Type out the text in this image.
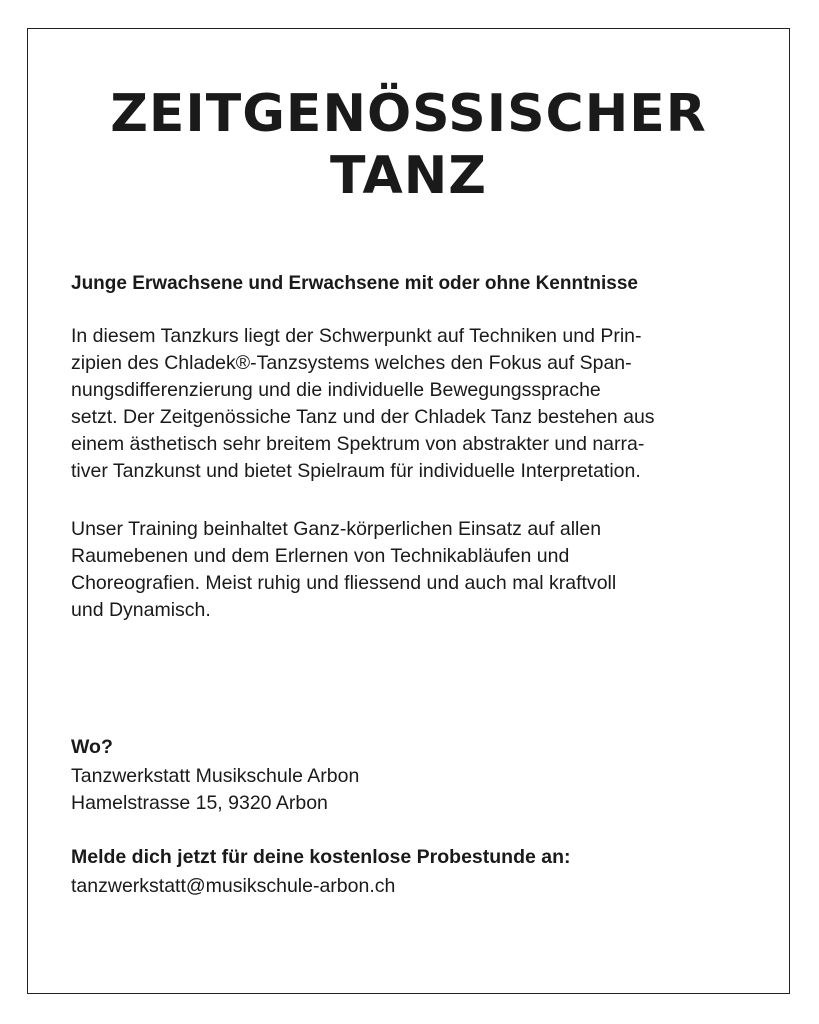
ZEITGENÖSSISCHER
TANZ

Junge Erwachsene und Erwachsene mit oder ohne Kenntnisse

In diesem Tanzkurs liegt der Schwerpunkt auf Techniken und Prin-

zipien des Chladek®-Tanzsystems welches den Fokus auf Span-

nungsdifferenzierung und die individuelle Bewegungssprache

setzt. Der Zeitgenössiche Tanz und der Chladek Tanz bestehen aus

einem ästhetisch sehr breitem Spektrum von abstrakter und narra-

tiver Tanzkunst und bietet Spielraum für individuelle Interpretation.

Unser Training beinhaltet Ganz-körperlichen Einsatz auf allen

Raumebenen und dem Erlernen von Technikabläufen und

Choreografien. Meist ruhig und fliessend und auch mal kraftvoll

und Dynamisch.

Wo?

Tanzwerkstatt Musikschule Arbon

Hamelstrasse 15, 9320 Arbon

Melde dich jetzt für deine kostenlose Probestunde an:

tanzwerkstatt@musikschule-arbon.ch
